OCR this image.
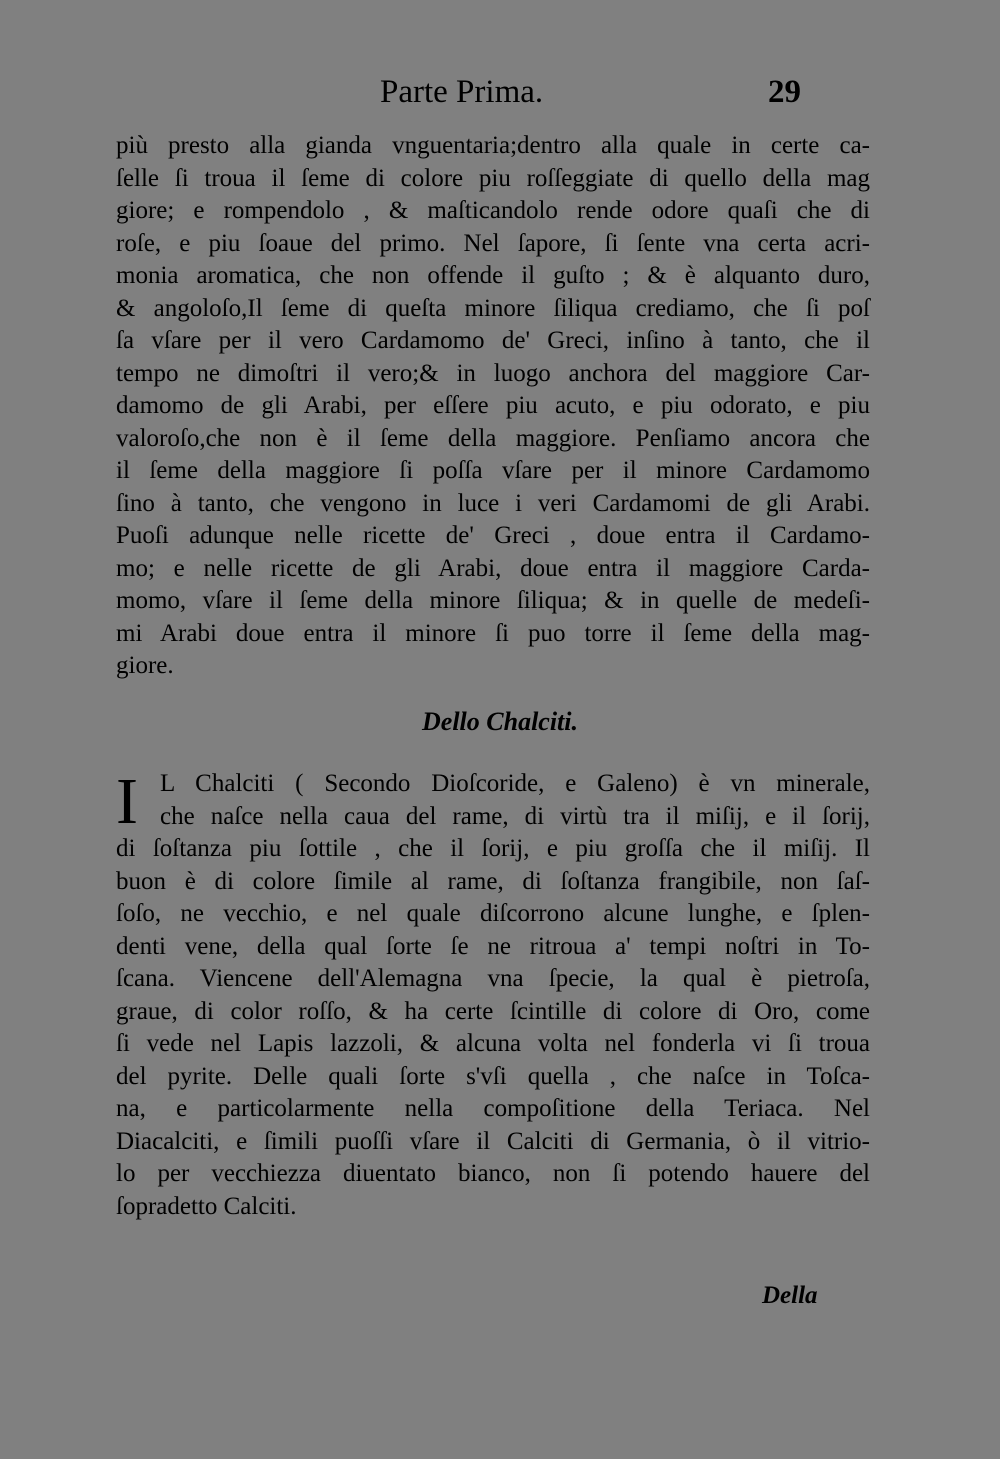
Parte Prima.	29
più presto alla gianda vnguentaria;dentro alla quale in certe ca-
ſelle ſi troua il ſeme di colore piu roſſeggiate di quello della mag
giore; e rompendolo , & maſticandolo rende odore quaſi che di
roſe, e piu ſoaue del primo. Nel ſapore, ſi ſente vna certa acri-
monia aromatica, che non offende il guſto ; & è alquanto duro,
& angoloſo,Il ſeme di queſta minore ſiliqua crediamo, che ſi poſ
ſa vſare per il vero Cardamomo de' Greci, inſino à tanto, che il
tempo ne dimoſtri il vero;& in luogo anchora del maggiore Car-
damomo de gli Arabi, per eſſere piu acuto, e piu odorato, e piu
valoroſo,che non è il ſeme della maggiore. Penſiamo ancora che
il ſeme della maggiore ſi poſſa vſare per il minore Cardamomo
ſino à tanto, che vengono in luce i veri Cardamomi de gli Arabi.
Puoſi adunque nelle ricette de' Greci , doue entra il Cardamo-
mo; e nelle ricette de gli Arabi, doue entra il maggiore Carda-
momo, vſare il ſeme della minore ſiliqua; & in quelle de medeſi-
mi Arabi doue entra il minore ſi puo torre il ſeme della mag-
giore.
Dello Chalciti.
I L Chalciti ( Secondo Dioſcoride, e Galeno) è vn minerale,
che naſce nella caua del rame, di virtù tra il miſij, e il ſorij,
di ſoſtanza piu ſottile , che il ſorij, e piu groſſa che il miſij. Il
buon è di colore ſimile al rame, di ſoſtanza frangibile, non ſaſ-
ſoſo, ne vecchio, e nel quale diſcorrono alcune lunghe, e ſplen-
denti vene, della qual ſorte ſe ne ritroua a' tempi noſtri in To-
ſcana. Viencene dell'Alemagna vna ſpecie, la qual è pietroſa,
graue, di color roſſo, & ha certe ſcintille di colore di Oro, come
ſi vede nel Lapis lazzoli, & alcuna volta nel fonderla vi ſi troua
del pyrite. Delle quali ſorte s'vſi quella , che naſce in Toſca-
na, e particolarmente nella compoſitione della Teriaca. Nel
Diacalciti, e ſimili puoſſi vſare il Calciti di Germania, ò il vitrio-
lo per vecchiezza diuentato bianco, non ſi potendo hauere del
ſopradetto Calciti.
Della
